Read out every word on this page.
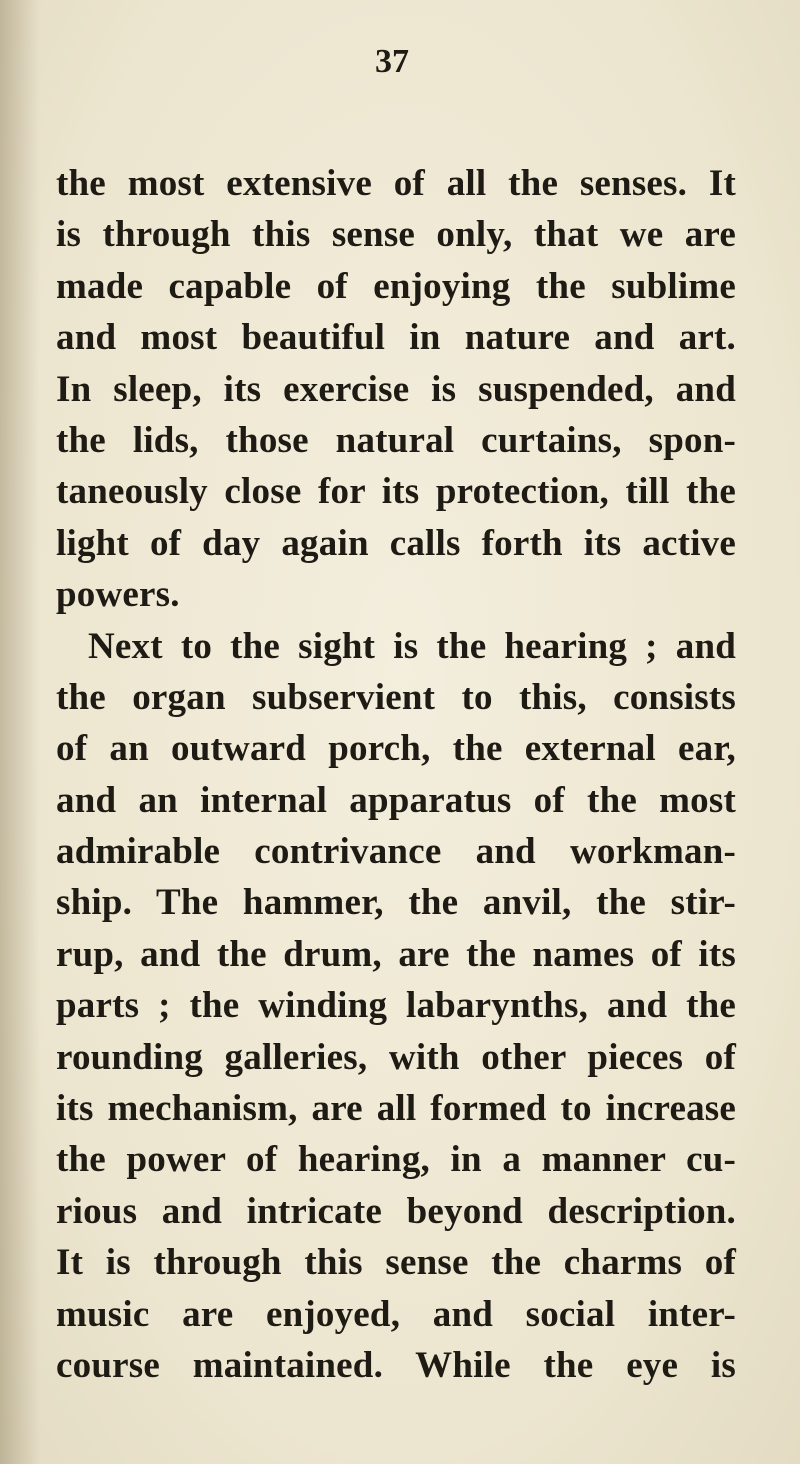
37
the most extensive of all the senses. It
is through this sense only, that we are
made capable of enjoying the sublime
and most beautiful in nature and art.
In sleep, its exercise is suspended, and
the lids, those natural curtains, spon-
taneously close for its protection, till the
light of day again calls forth its active
powers.
Next to the sight is the hearing ; and
the organ subservient to this, consists
of an outward porch, the external ear,
and an internal apparatus of the most
admirable contrivance and workman-
ship. The hammer, the anvil, the stir-
rup, and the drum, are the names of its
parts ; the winding labarynths, and the
rounding galleries, with other pieces of
its mechanism, are all formed to increase
the power of hearing, in a manner cu-
rious and intricate beyond description.
It is through this sense the charms of
music are enjoyed, and social inter-
course maintained. While the eye is
